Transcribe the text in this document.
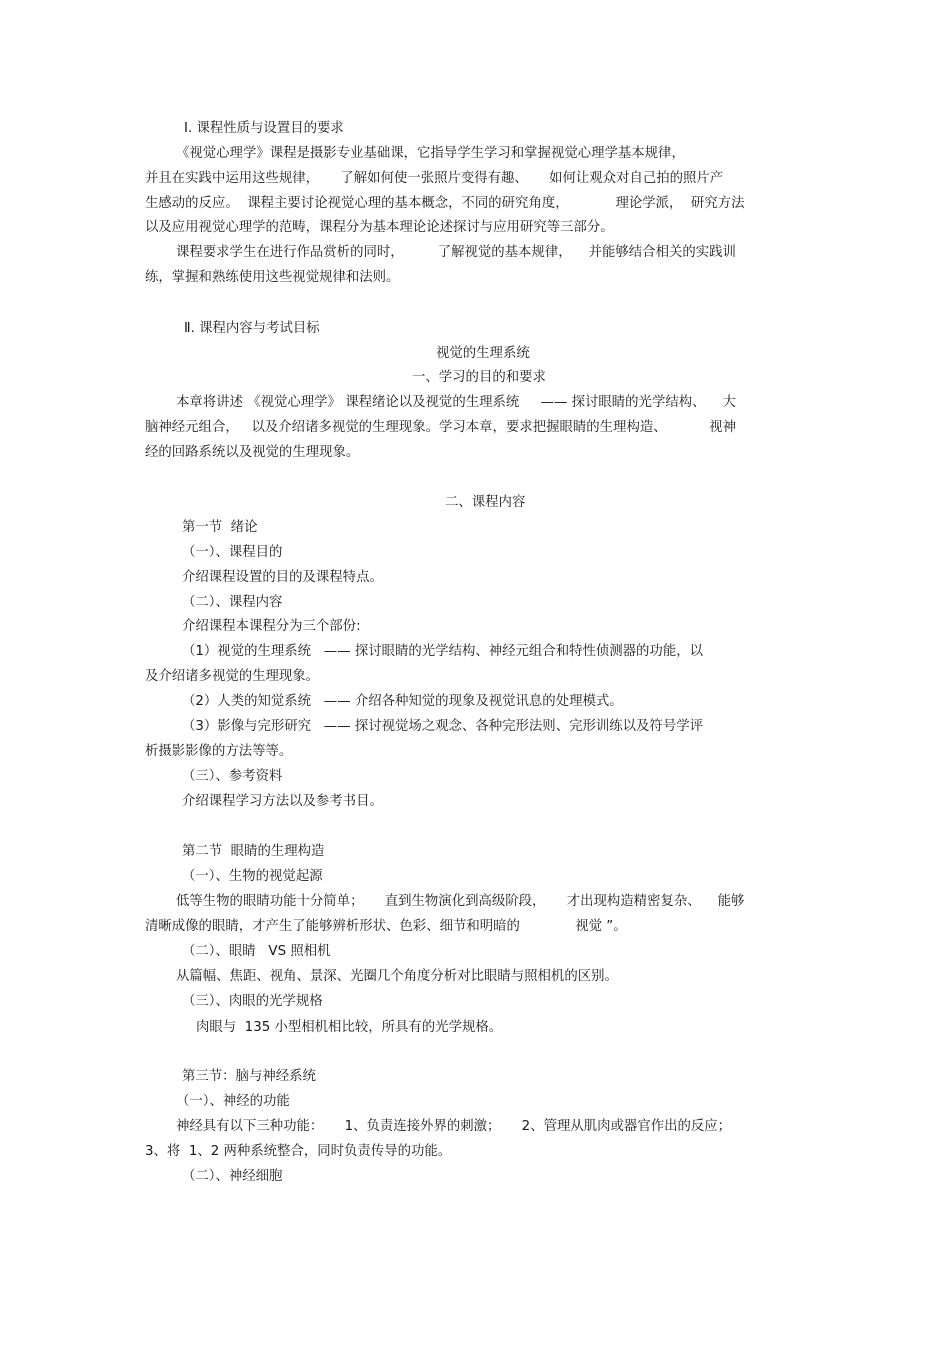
Ⅰ. 课程性质与设置目的要求
《视觉心理学》课程是摄影专业基础课，它指导学生学习和掌握视觉心理学基本规律，
并且在实践中运用这些规律，     了解如何使一张照片变得有趣、     如何让观众对自己拍的照片产
生感动的反应。  课程主要讨论视觉心理的基本概念，不同的研究角度，           理论学派，  研究方法
以及应用视觉心理学的范畴，课程分为基本理论论述探讨与应用研究等三部分。
课程要求学生在进行作品赏析的同时，        了解视觉的基本规律，    并能够结合相关的实践训
练，掌握和熟练使用这些视觉规律和法则。
Ⅱ. 课程内容与考试目标
视觉的生理系统
一、学习的目的和要求
本章将讲述 《视觉心理学》 课程绪论以及视觉的生理系统     —— 探讨眼睛的光学结构、    大
脑神经元组合，   以及介绍诸多视觉的生理现象。学习本章，要求把握眼睛的生理构造、          视神
经的回路系统以及视觉的生理现象。
二、课程内容
第一节  绪论
（一）、课程目的
介绍课程设置的目的及课程特点。
（二）、课程内容
介绍课程本课程分为三个部份:
（1）视觉的生理系统   —— 探讨眼睛的光学结构、神经元组合和特性侦测器的功能，以
及介绍诸多视觉的生理现象。
（2）人类的知觉系统   —— 介绍各种知觉的现象及视觉讯息的处理模式。
（3）影像与完形研究   —— 探讨视觉场之观念、各种完形法则、完形训练以及符号学评
析摄影影像的方法等等。
（三）、参考资料
介绍课程学习方法以及参考书目。
第二节  眼睛的生理构造
（一）、生物的视觉起源
低等生物的眼睛功能十分简单；     直到生物演化到高级阶段，     才出现构造精密复杂、    能够
清晰成像的眼睛，才产生了能够辨析形状、色彩、细节和明暗的             视觉 ”。
（二）、眼睛   VS 照相机
从篇幅、焦距、视角、景深、光圈几个角度分析对比眼睛与照相机的区别。
（三）、肉眼的光学规格
肉眼与  135 小型相机相比较，所具有的光学规格。
第三节：脑与神经系统
（一）、神经的功能
神经具有以下三种功能：     1、负责连接外界的刺激；     2、管理从肌肉或器官作出的反应；
3、将  1、2 两种系统整合，同时负责传导的功能。
（二）、神经细胞
